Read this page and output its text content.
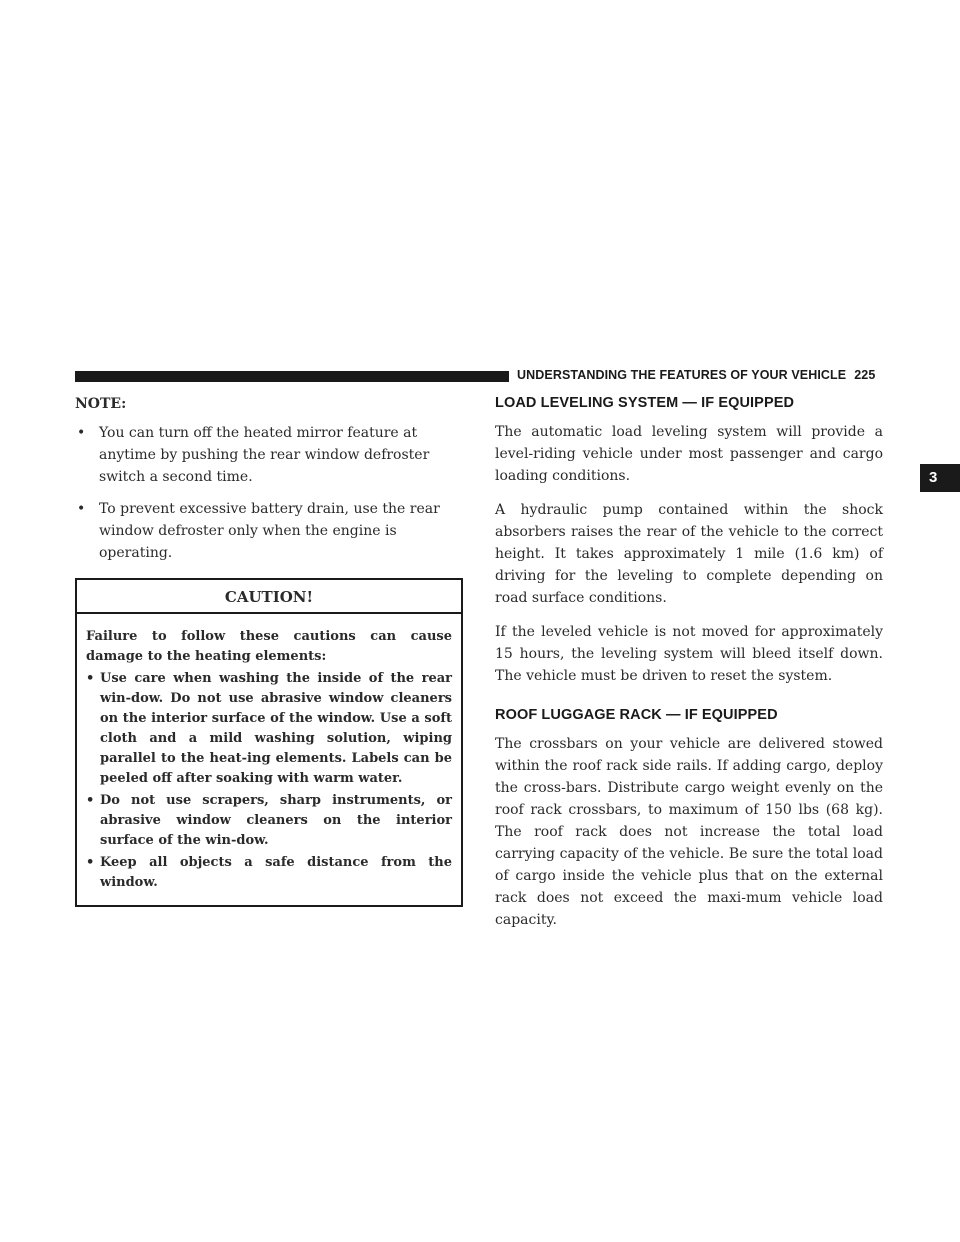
UNDERSTANDING THE FEATURES OF YOUR VEHICLE 225
3
NOTE:
• You can turn off the heated mirror feature at anytime by pushing the rear window defroster switch a second time.
• To prevent excessive battery drain, use the rear window defroster only when the engine is operating.
CAUTION!

Failure to follow these cautions can cause damage to the heating elements:

• Use care when washing the inside of the rear win-dow. Do not use abrasive window cleaners on the interior surface of the window. Use a soft cloth and a mild washing solution, wiping parallel to the heat-ing elements. Labels can be peeled off after soaking with warm water.
• Do not use scrapers, sharp instruments, or abrasive window cleaners on the interior surface of the win-dow.
• Keep all objects a safe distance from the window.
LOAD LEVELING SYSTEM — IF EQUIPPED

The automatic load leveling system will provide a level-riding vehicle under most passenger and cargo loading conditions.

A hydraulic pump contained within the shock absorbers raises the rear of the vehicle to the correct height. It takes approximately 1 mile (1.6 km) of driving for the leveling to complete depending on road surface conditions.

If the leveled vehicle is not moved for approximately 15 hours, the leveling system will bleed itself down. The vehicle must be driven to reset the system.

ROOF LUGGAGE RACK — IF EQUIPPED

The crossbars on your vehicle are delivered stowed within the roof rack side rails. If adding cargo, deploy the cross-bars. Distribute cargo weight evenly on the roof rack crossbars, to maximum of 150 lbs (68 kg). The roof rack does not increase the total load carrying capacity of the vehicle. Be sure the total load of cargo inside the vehicle plus that on the external rack does not exceed the maxi-mum vehicle load capacity.
